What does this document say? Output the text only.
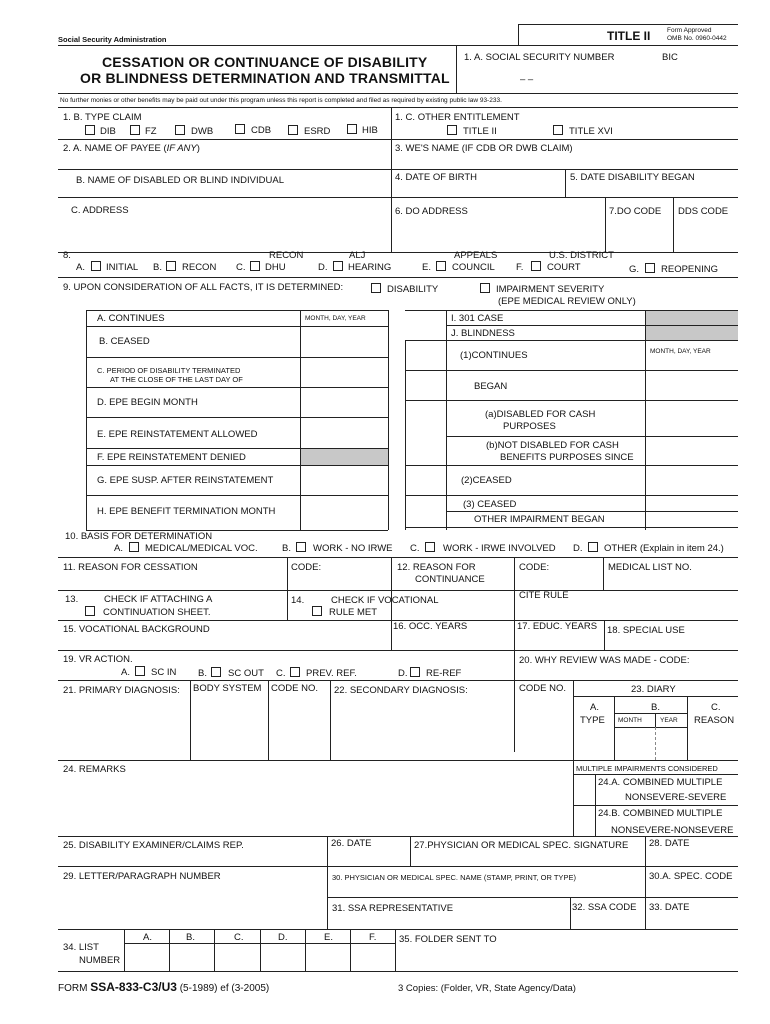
Social Security Administration	TITLE II	Form Approved
OMB No. 0960-0442
CESSATION OR CONTINUANCE OF DISABILITY
OR BLINDNESS DETERMINATION AND TRANSMITTAL
1. A. SOCIAL SECURITY NUMBER	BIC
– –
No further monies or other benefits may be paid out under this program unless this report is completed and filed as required by existing public law 93-233.
1. B. TYPE CLAIM
DIB	FZ	DWB	CDB	ESRD	HIB
1. C. OTHER ENTITLEMENT
TITLE II	TITLE XVI
2. A. NAME OF PAYEE (IF ANY)	3. WE'S NAME (IF CDB OR DWB CLAIM)
B. NAME OF DISABLED OR BLIND INDIVIDUAL	4. DATE OF BIRTH	5. DATE DISABILITY BEGAN
C. ADDRESS	6. DO ADDRESS	7.DO CODE DDS CODE
8.	RECON	ALJ	APPEALS	U.S. DISTRICT
A. INITIAL B. RECON C. DHU	D. HEARING	E. COUNCIL F. COURT	G. REOPENING
9. UPON CONSIDERATION OF ALL FACTS, IT IS DETERMINED:	DISABILITY	IMPAIRMENT SEVERITY
(EPE MEDICAL REVIEW ONLY)
A. CONTINUES	MONTH, DAY, YEAR
B. CEASED
C. PERIOD OF DISABILITY TERMINATED
AT THE CLOSE OF THE LAST DAY OF
D. EPE BEGIN MONTH
E. EPE REINSTATEMENT ALLOWED
F. EPE REINSTATEMENT DENIED
G. EPE SUSP. AFTER REINSTATEMENT
H. EPE BENEFIT TERMINATION MONTH
I. 301 CASE
J. BLINDNESS
(1)CONTINUES	MONTH, DAY, YEAR
BEGAN
(a)DISABLED FOR CASH
PURPOSES
(b)NOT DISABLED FOR CASH
BENEFITS PURPOSES SINCE
(2)CEASED
(3) CEASED
OTHER IMPAIRMENT BEGAN
10. BASIS FOR DETERMINATION
A. MEDICAL/MEDICAL VOC.	B. WORK - NO IRWE C. WORK - IRWE INVOLVED D. OTHER (Explain in item 24.)
11. REASON FOR CESSATION	CODE:	12. REASON FOR
CONTINUANCE
CODE:	MEDICAL LIST NO.
13.	CHECK IF ATTACHING A
CONTINUATION SHEET.
14.	CHECK IF VOCATIONAL
RULE MET
CITE RULE
15. VOCATIONAL BACKGROUND	16. OCC. YEARS	17. EDUC. YEARS 18. SPECIAL USE
19. VR ACTION.
A. SC IN B. SC OUT C. PREV. REF.	D. RE-REF
20. WHY REVIEW WAS MADE - CODE:
21. PRIMARY DIAGNOSIS: BODY SYSTEM CODE NO. 22. SECONDARY DIAGNOSIS:	CODE NO.	23. DIARY
A.
TYPE
B.
MONTH	YEAR
C.
REASON
24. REMARKS	MULTIPLE IMPAIRMENTS CONSIDERED
24.A. COMBINED MULTIPLE
NONSEVERE-SEVERE
24.B. COMBINED MULTIPLE
NONSEVERE-NONSEVERE
25. DISABILITY EXAMINER/CLAIMS REP.	26. DATE	27.PHYSICIAN OR MEDICAL SPEC. SIGNATURE 28. DATE
29. LETTER/PARAGRAPH NUMBER	30. PHYSICIAN OR MEDICAL SPEC. NAME (STAMP, PRINT, OR TYPE)	30.A. SPEC. CODE
31. SSA REPRESENTATIVE	32. SSA CODE 33. DATE
34. LIST
NUMBER
A.	B.	C.	D.	E.	F. 35. FOLDER SENT TO
FORM SSA-833-C3/U3 (5-1989) ef (3-2005)	3 Copies: (Folder, VR, State Agency/Data)
